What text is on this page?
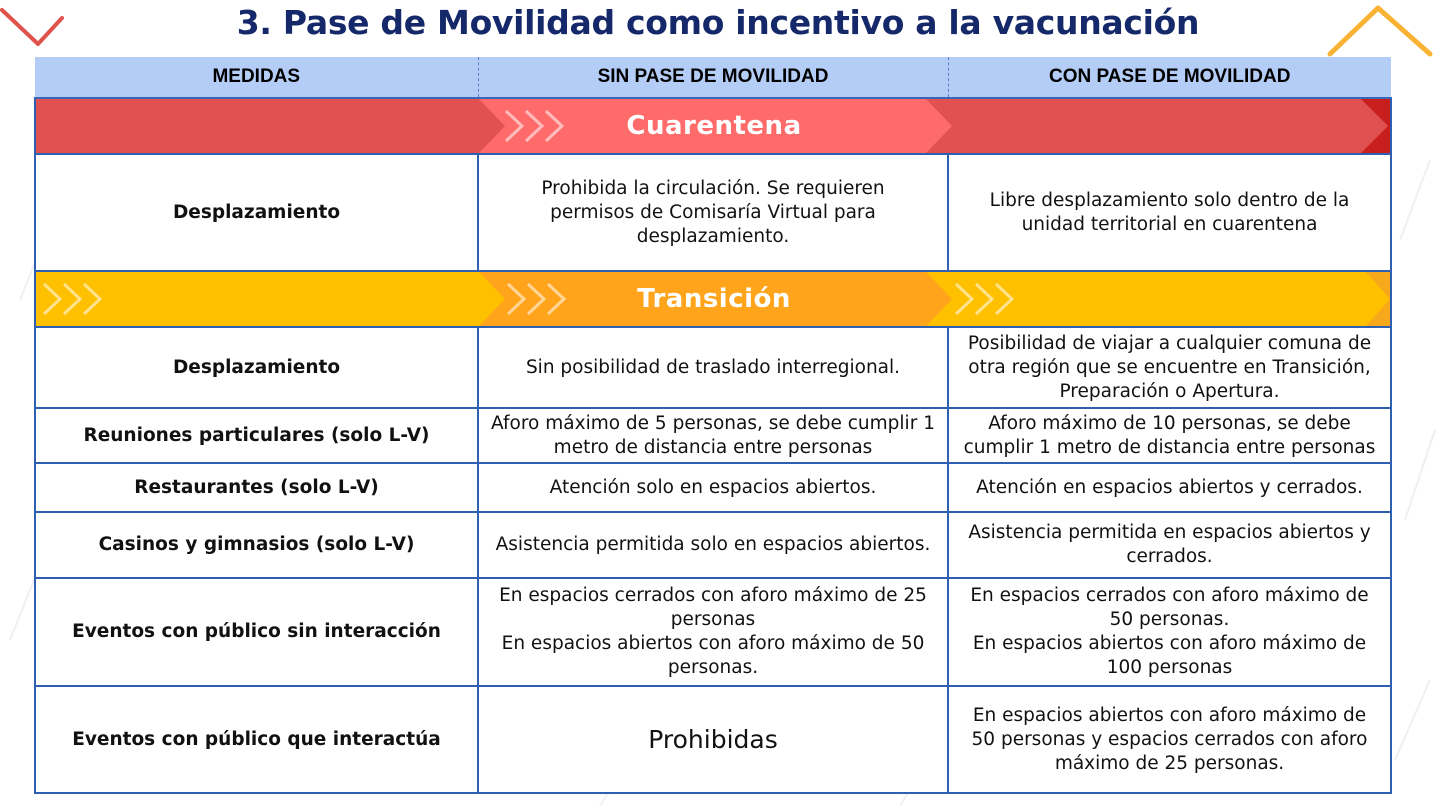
3. Pase de Movilidad como incentivo a la vacunación
MEDIDAS	SIN PASE DE MOVILIDAD	CON PASE DE MOVILIDAD

Cuarentena		

Desplazamiento	Prohibida la circulación. Se requieren
permisos de Comisaría Virtual para
desplazamiento.	Libre desplazamiento solo dentro de la
unidad territorial en cuarentena

Transición		

Desplazamiento	Sin posibilidad de traslado interregional.	Posibilidad de viajar a cualquier comuna de
otra región que se encuentre en Transición,
Preparación o Apertura.

Reuniones particulares (solo L-V)	Aforo máximo de 5 personas, se debe cumplir 1
metro de distancia entre personas	Aforo máximo de 10 personas, se debe
cumplir 1 metro de distancia entre personas

Restaurantes (solo L-V)	Atención solo en espacios abiertos.	Atención en espacios abiertos y cerrados.

Casinos y gimnasios (solo L-V)	Asistencia permitida solo en espacios abiertos.	Asistencia permitida en espacios abiertos y
cerrados.

Eventos con público sin interacción	En espacios cerrados con aforo máximo de 25
personas
En espacios abiertos con aforo máximo de 50
personas.	En espacios cerrados con aforo máximo de
50 personas.
En espacios abiertos con aforo máximo de
100 personas

Eventos con público que interactúa	Prohibidas	En espacios abiertos con aforo máximo de
50 personas y espacios cerrados con aforo
máximo de 25 personas.
